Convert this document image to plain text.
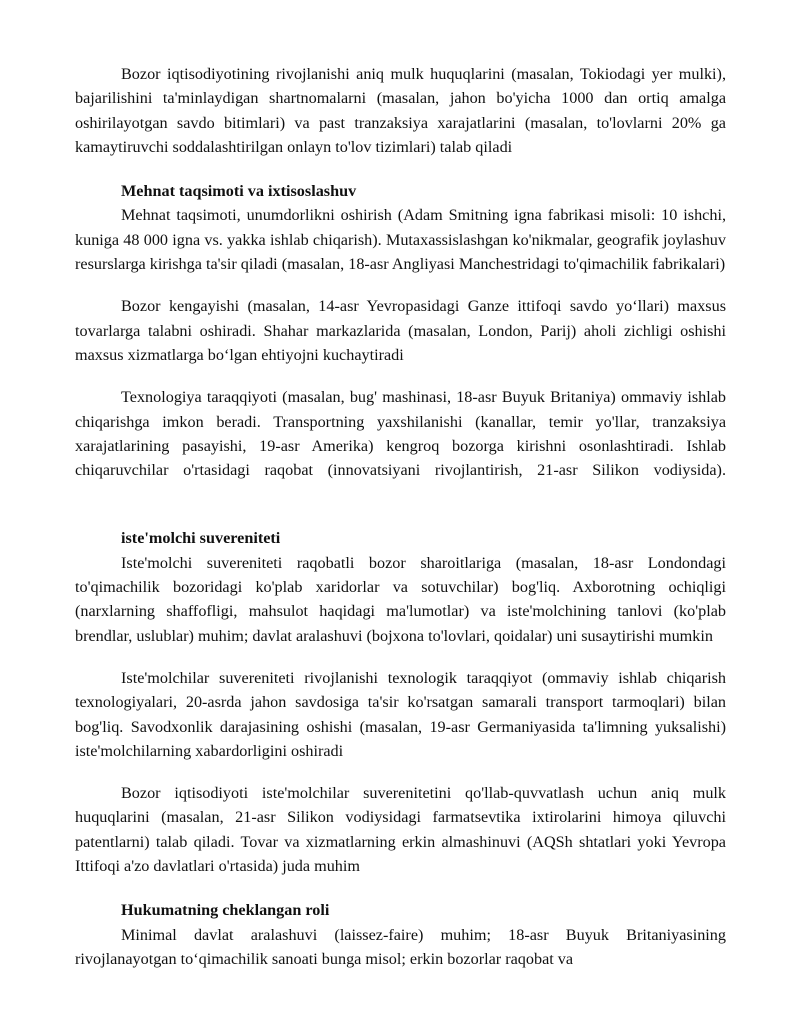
Bozor iqtisodiyotining rivojlanishi aniq mulk huquqlarini (masalan, Tokiodagi yer mulki), bajarilishini ta'minlaydigan shartnomalarni (masalan, jahon bo'yicha 1000 dan ortiq amalga oshirilayotgan savdo bitimlari) va past tranzaksiya xarajatlarini (masalan, to'lovlarni 20% ga kamaytiruvchi soddalashtirilgan onlayn to'lov tizimlari) talab qiladi

Mehnat taqsimoti va ixtisoslashuv

Mehnat taqsimoti, unumdorlikni oshirish (Adam Smitning igna fabrikasi misoli: 10 ishchi, kuniga 48 000 igna vs. yakka ishlab chiqarish). Mutaxassislashgan ko'nikmalar, geografik joylashuv resurslarga kirishga ta'sir qiladi (masalan, 18-asr Angliyasi Manchestridagi to'qimachilik fabrikalari)

Bozor kengayishi (masalan, 14-asr Yevropasidagi Ganze ittifoqi savdo yo‘llari) maxsus tovarlarga talabni oshiradi. Shahar markazlarida (masalan, London, Parij) aholi zichligi oshishi maxsus xizmatlarga bo‘lgan ehtiyojni kuchaytiradi

Texnologiya taraqqiyoti (masalan, bug' mashinasi, 18-asr Buyuk Britaniya) ommaviy ishlab chiqarishga imkon beradi. Transportning yaxshilanishi (kanallar, temir yo'llar, tranzaksiya xarajatlarining pasayishi, 19-asr Amerika) kengroq bozorga kirishni osonlashtiradi. Ishlab chiqaruvchilar o'rtasidagi raqobat (innovatsiyani rivojlantirish, 21-asr Silikon vodiysida).

iste'molchi suvereniteti

Iste'molchi suvereniteti raqobatli bozor sharoitlariga (masalan, 18-asr Londondagi to'qimachilik bozoridagi ko'plab xaridorlar va sotuvchilar) bog'liq. Axborotning ochiqligi (narxlarning shaffofligi, mahsulot haqidagi ma'lumotlar) va iste'molchining tanlovi (ko'plab brendlar, uslublar) muhim; davlat aralashuvi (bojxona to'lovlari, qoidalar) uni susaytirishi mumkin

Iste'molchilar suvereniteti rivojlanishi texnologik taraqqiyot (ommaviy ishlab chiqarish texnologiyalari, 20-asrda jahon savdosiga ta'sir ko'rsatgan samarali transport tarmoqlari) bilan bog'liq. Savodxonlik darajasining oshishi (masalan, 19-asr Germaniyasida ta'limning yuksalishi) iste'molchilarning xabardorligini oshiradi

Bozor iqtisodiyoti iste'molchilar suverenitetini qo'llab-quvvatlash uchun aniq mulk huquqlarini (masalan, 21-asr Silikon vodiysidagi farmatsevtika ixtirolarini himoya qiluvchi patentlarni) talab qiladi. Tovar va xizmatlarning erkin almashinuvi (AQSh shtatlari yoki Yevropa Ittifoqi a'zo davlatlari o'rtasida) juda muhim

Hukumatning cheklangan roli

Minimal davlat aralashuvi (laissez-faire) muhim; 18-asr Buyuk Britaniyasining rivojlanayotgan to‘qimachilik sanoati bunga misol; erkin bozorlar raqobat va
